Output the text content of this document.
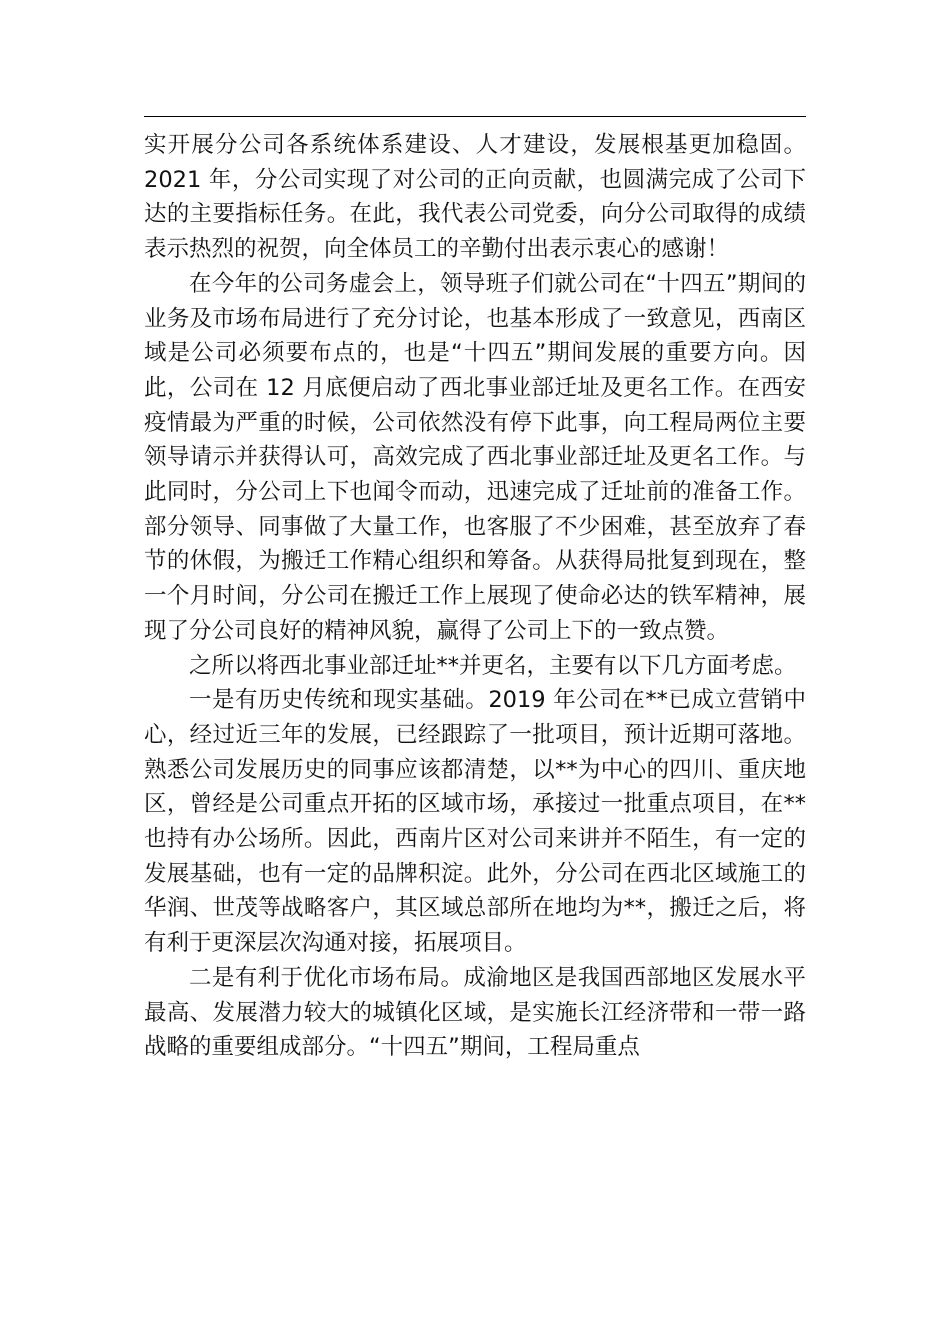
实开展分公司各系统体系建设、人才建设，发展根基更加稳固。2021 年，分公司实现了对公司的正向贡献，也圆满完成了公司下达的主要指标任务。在此，我代表公司党委，向分公司取得的成绩表示热烈的祝贺，向全体员工的辛勤付出表示衷心的感谢！

在今年的公司务虚会上，领导班子们就公司在“十四五”期间的业务及市场布局进行了充分讨论，也基本形成了一致意见，西南区域是公司必须要布点的，也是“十四五”期间发展的重要方向。因此，公司在 12 月底便启动了西北事业部迁址及更名工作。在西安疫情最为严重的时候，公司依然没有停下此事，向工程局两位主要领导请示并获得认可，高效完成了西北事业部迁址及更名工作。与此同时，分公司上下也闻令而动，迅速完成了迁址前的准备工作。部分领导、同事做了大量工作，也客服了不少困难，甚至放弃了春节的休假，为搬迁工作精心组织和筹备。从获得局批复到现在，整一个月时间，分公司在搬迁工作上展现了使命必达的铁军精神，展现了分公司良好的精神风貌，赢得了公司上下的一致点赞。

之所以将西北事业部迁址**并更名，主要有以下几方面考虑。

一是有历史传统和现实基础。2019 年公司在**已成立营销中心，经过近三年的发展，已经跟踪了一批项目，预计近期可落地。熟悉公司发展历史的同事应该都清楚，以**为中心的四川、重庆地区，曾经是公司重点开拓的区域市场，承接过一批重点项目，在**也持有办公场所。因此，西南片区对公司来讲并不陌生，有一定的发展基础，也有一定的品牌积淀。此外，分公司在西北区域施工的华润、世茂等战略客户，其区域总部所在地均为**，搬迁之后，将有利于更深层次沟通对接，拓展项目。

二是有利于优化市场布局。成渝地区是我国西部地区发展水平最高、发展潜力较大的城镇化区域，是实施长江经济带和一带一路战略的重要组成部分。“十四五”期间，工程局重点
